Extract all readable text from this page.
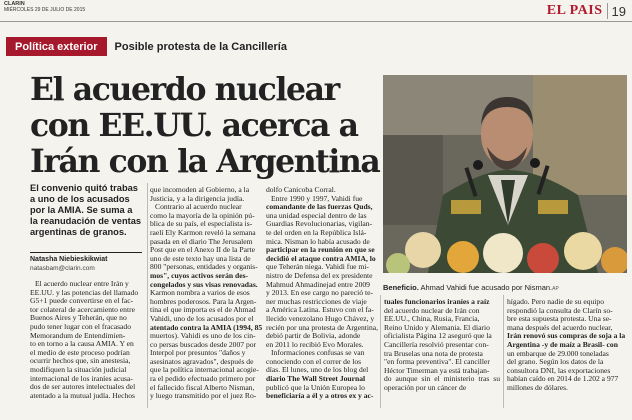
CLARIN
MIÉRCOLES 29 DE JULIO DE 2015	EL PAIS 19
Política exterior	Posible protesta de la Cancillería
El acuerdo nuclear
con EE.UU. acerca a
Irán con la Argentina
Beneficio. Ahmad Vahidi fue acusado por Nisman.AP
El convenio quitó trabas a uno de los acusados por la AMIA. Se suma a la reanudación de ventas argentinas de granos.
Natasha Niebieskikwiat
natasbam@clarin.com
El acuerdo nuclear entre Irán y
EE.UU. y las potencias del llamado
G5+1 puede convertirse en el fac-
tor colateral de acercamiento entre
Buenos Aires y Teherán, que no
pudo tener lugar con el fracasado
Memorandum de Entendimien-
to en torno a la causa AMIA. Y en
el medio de este proceso podrían
ocurrir hechos que, sin anestesia,
modifiquen la situación judicial
internacional de los iraníes acusa-
dos de ser autores intelectuales del
atentado a la mutual judía. Hechos
que incomoden al Gobierno, a la
Justicia, y a la dirigencia judía.
Contrario al acuerdo nuclear
como la mayoría de la opinión pú-
blica de su país, el especialista is-
raelí Ely Karmon reveló la semana
pasada en el diario The Jerusalem
Post que en el Anexo II de la Parte
uno de este texto hay una lista de
800 "personas, entidades y organis-
mos", cuyos activos serán des-
congelados y sus visas renovadas.
Karmon nombra a varios de esos
hombres poderosos. Para la Argen-
tina el que importa es el de Ahmad
Vahidi, uno de los acusados por el
atentado contra la AMIA (1994, 85
muertos). Vahidi es uno de los cin-
co persas buscados desde 2007 por
Interpol por presuntos "daños y
asesinatos agravados", después de
que la política internacional acogie-
ra el pedido efectuado primero por
el fallecido fiscal Alberto Nisman,
y luego transmitido por el juez Ro-
dolfo Canicoba Corral.
Entre 1990 y 1997, Vahidi fue
comandante de las fuerzas Quds,
una unidad especial dentro de las
Guardias Revolucionarias, vigilan-
te del orden en la República Islá-
mica. Nisman lo había acusado de
participar en la reunión en que se
decidió el ataque contra AMIA, lo
que Teherán niega. Vahidi fue mi-
nistro de Defensa del ex presidente
Mahmud Ahmadinejad entre 2009
y 2013. En ese cargo no pareció te-
ner muchas restricciones de viaje
a América Latina. Estuvo con el fa-
llecido venezolano Hugo Chávez, y
recién por una protesta de Argentina,
debió partir de Bolivia, adonde
en 2011 lo recibió Evo Morales.
Informaciones confusas se van
conociendo con el correr de los
días. El lunes, uno de los blog del
diario The Wall Street Journal
publicó que la Unión Europea lo
beneficiaría a él y a otros ex y ac-
tuales funcionarios iraníes a raíz
del acuerdo nuclear de Irán con
EE.UU., China, Rusia, Francia,
Reino Unido y Alemania. El diario
oficialista Página 12 aseguró que la
Cancillería resolvió presentar con-
tra Bruselas una nota de protesta
"en forma preventiva". El canciller
Héctor Timerman ya está trabajan-
do aunque sin el ministerio tras su operación por un cáncer de
hígado. Pero nadie de su equipo
respondió la consulta de Clarín so-
bre esta supuesta protesta. Una se-
mana después del acuerdo nuclear,
Irán renovó sus compras de soja a la
Argentina -y de maíz a Brasil- con
un embarque de 29.000 toneladas
del grano. Según los datos de la
consultora DNI, las exportaciones
habían caído en 2014 de 1.202 a 977
millones de dólares.
